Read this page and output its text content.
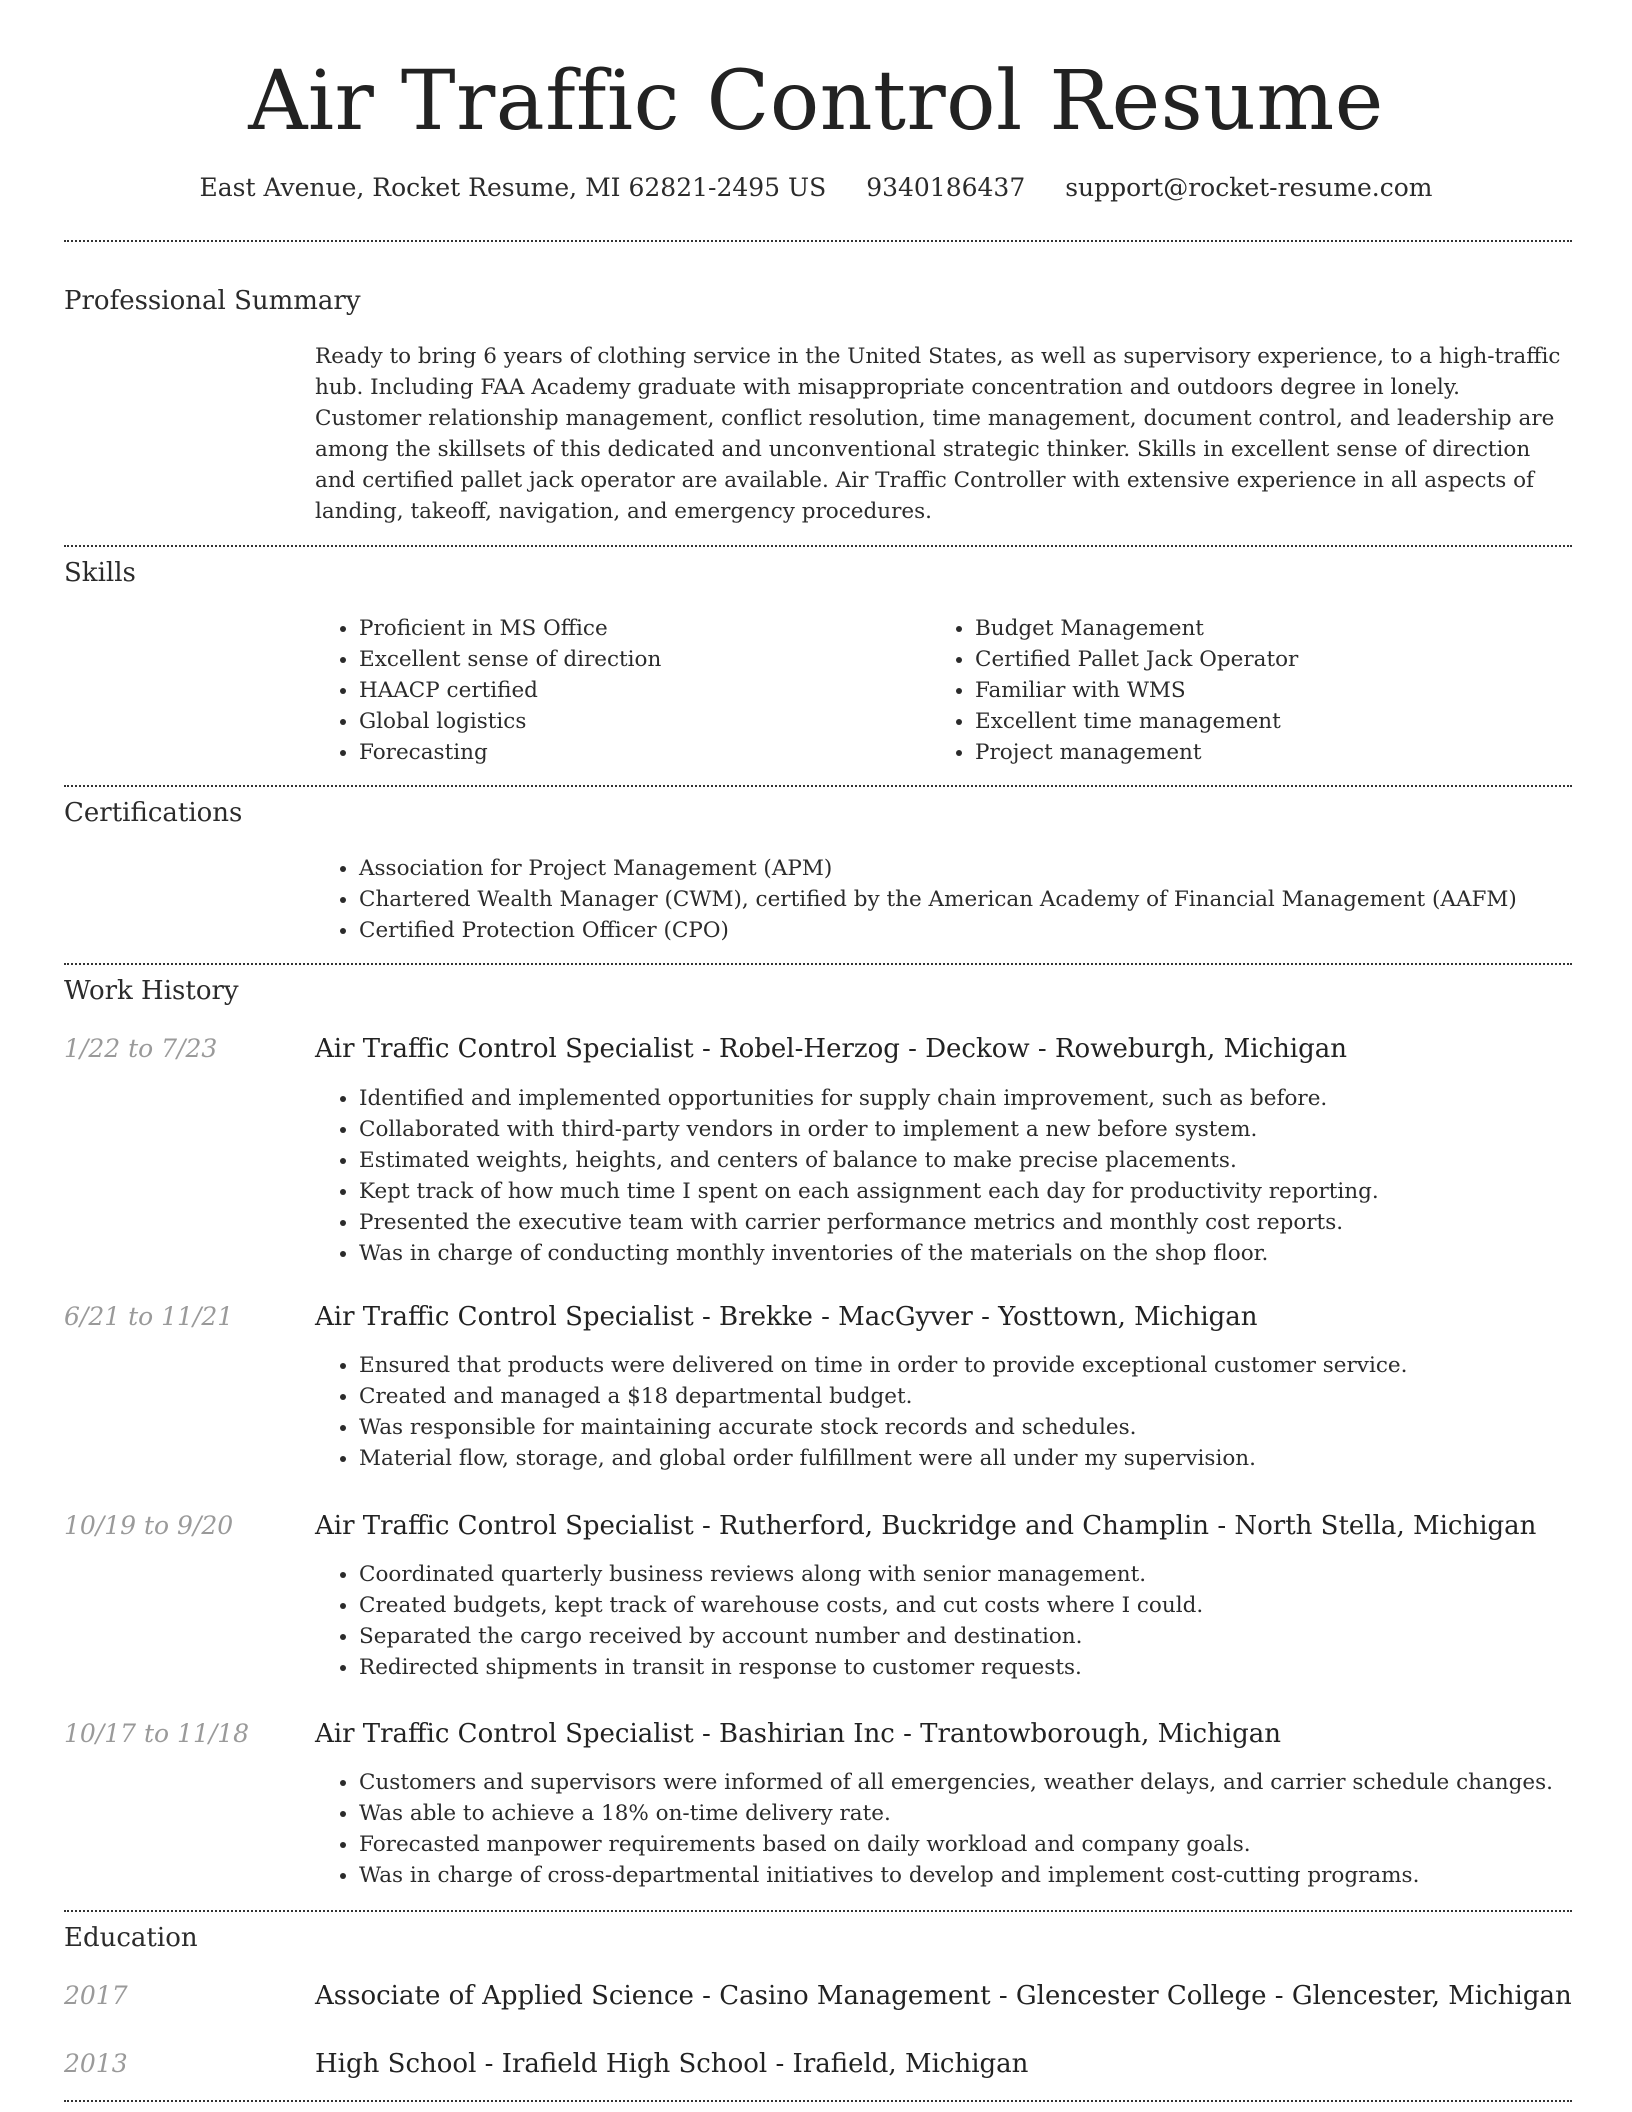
Air Traffic Control Resume
East Avenue, Rocket Resume, MI 62821-2495 US 9340186437 support@rocket-resume.com
Professional Summary

Ready to bring 6 years of clothing service in the United States, as well as supervisory experience, to a high-traffic hub. Including FAA Academy graduate with misappropriate concentration and outdoors degree in lonely. Customer relationship management, conflict resolution, time management, document control, and leadership are among the skillsets of this dedicated and unconventional strategic thinker. Skills in excellent sense of direction and certified pallet jack operator are available. Air Traffic Controller with extensive experience in all aspects of landing, takeoff, navigation, and emergency procedures.

Skills
• Proficient in MS Office
• Excellent sense of direction
• HAACP certified
• Global logistics
• Forecasting
• Budget Management
• Certified Pallet Jack Operator
• Familiar with WMS
• Excellent time management
• Project management
Certifications
• Association for Project Management (APM)
• Chartered Wealth Manager (CWM), certified by the American Academy of Financial Management (AAFM)
• Certified Protection Officer (CPO)
Work History
1/22 to 7/23	Air Traffic Control Specialist - Robel-Herzog - Deckow - Roweburgh, Michigan
• Identified and implemented opportunities for supply chain improvement, such as before.
• Collaborated with third-party vendors in order to implement a new before system.
• Estimated weights, heights, and centers of balance to make precise placements.
• Kept track of how much time I spent on each assignment each day for productivity reporting.
• Presented the executive team with carrier performance metrics and monthly cost reports.
• Was in charge of conducting monthly inventories of the materials on the shop floor.
6/21 to 11/21	Air Traffic Control Specialist - Brekke - MacGyver - Yosttown, Michigan
• Ensured that products were delivered on time in order to provide exceptional customer service.
• Created and managed a $18 departmental budget.
• Was responsible for maintaining accurate stock records and schedules.
• Material flow, storage, and global order fulfillment were all under my supervision.
10/19 to 9/20	Air Traffic Control Specialist - Rutherford, Buckridge and Champlin - North Stella, Michigan
• Coordinated quarterly business reviews along with senior management.
• Created budgets, kept track of warehouse costs, and cut costs where I could.
• Separated the cargo received by account number and destination.
• Redirected shipments in transit in response to customer requests.
10/17 to 11/18	Air Traffic Control Specialist - Bashirian Inc - Trantowborough, Michigan
• Customers and supervisors were informed of all emergencies, weather delays, and carrier schedule changes.
• Was able to achieve a 18% on-time delivery rate.
• Forecasted manpower requirements based on daily workload and company goals.
• Was in charge of cross-departmental initiatives to develop and implement cost-cutting programs.
Education
2017	Associate of Applied Science - Casino Management - Glencester College - Glencester, Michigan
2013	High School - Irafield High School - Irafield, Michigan
